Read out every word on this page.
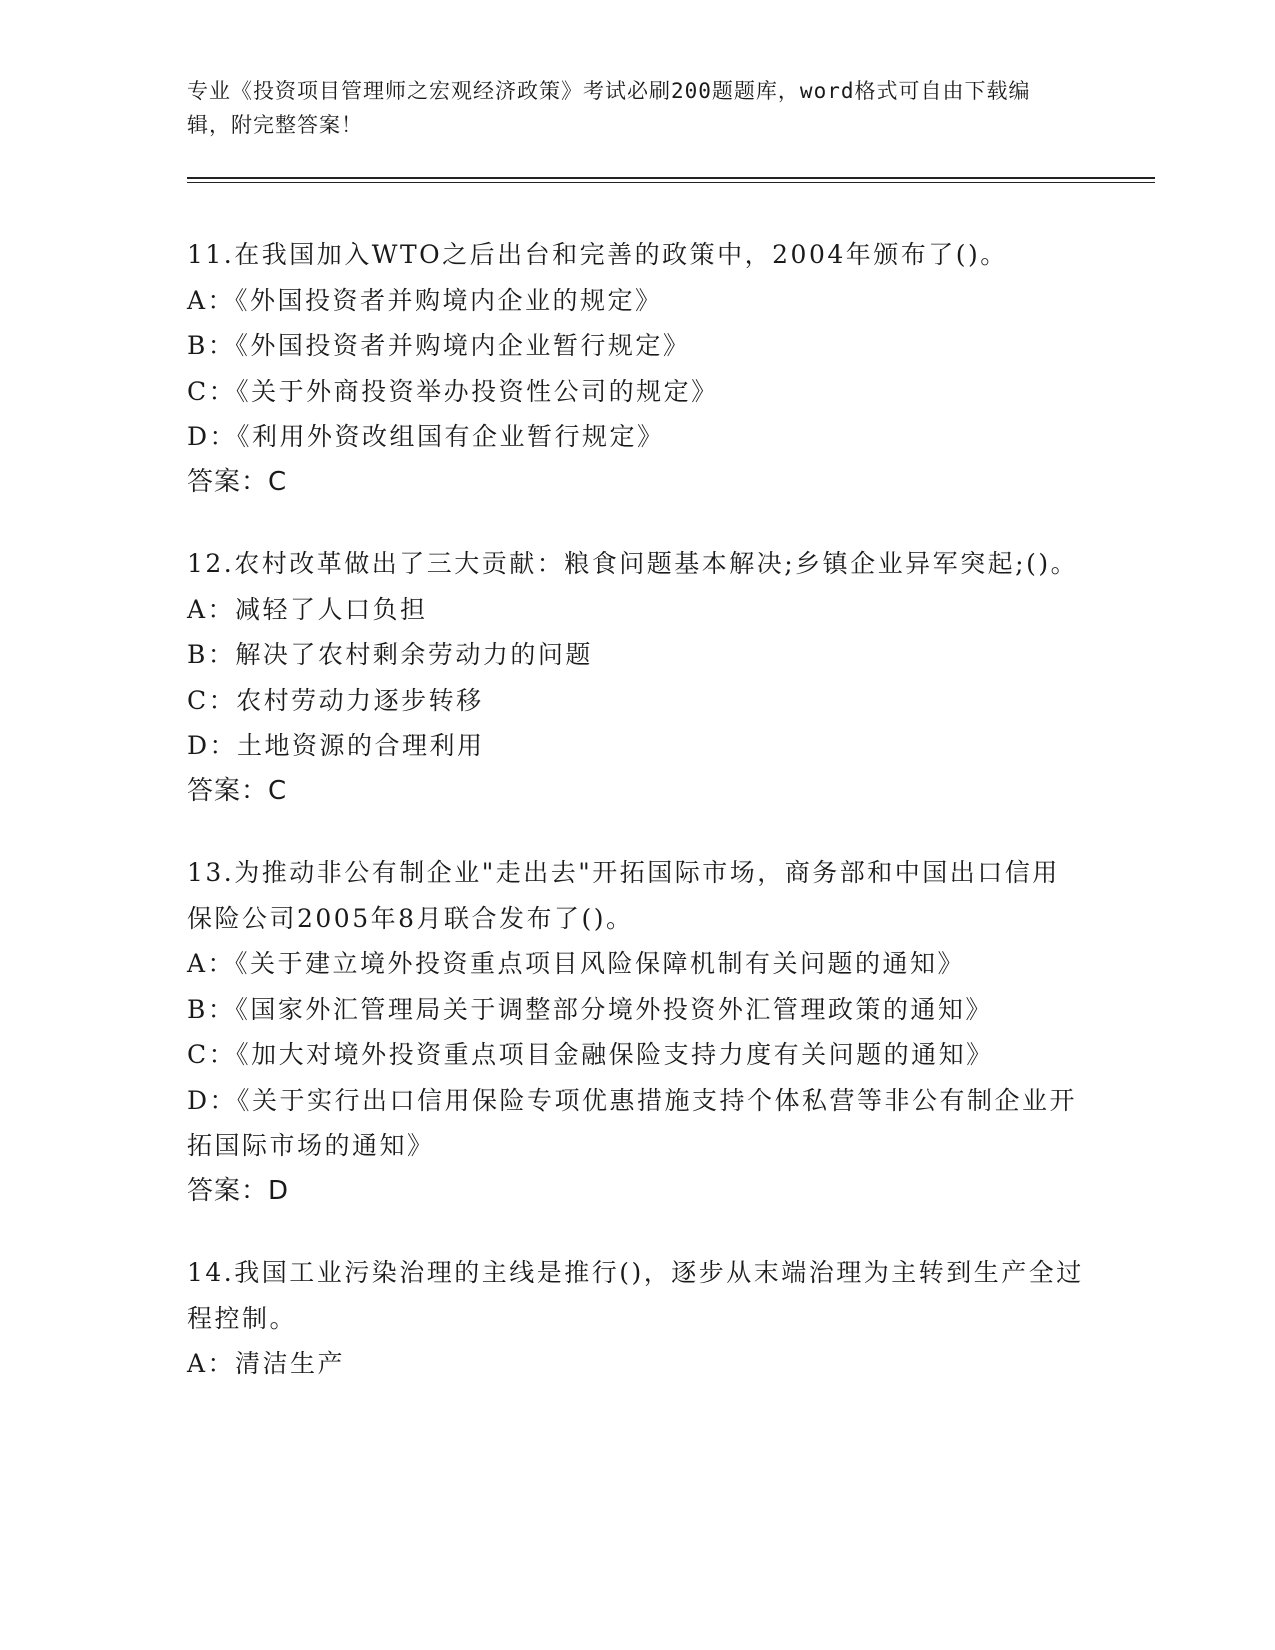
专业《投资项目管理师之宏观经济政策》考试必刷200题题库，word格式可自由下载编辑，附完整答案！
11.在我国加入WTO之后出台和完善的政策中，2004年颁布了()。
A：《外国投资者并购境内企业的规定》
B：《外国投资者并购境内企业暂行规定》
C：《关于外商投资举办投资性公司的规定》
D：《利用外资改组国有企业暂行规定》
答案：C
12.农村改革做出了三大贡献：粮食问题基本解决;乡镇企业异军突起;()。
A：减轻了人口负担
B：解决了农村剩余劳动力的问题
C：农村劳动力逐步转移
D：土地资源的合理利用
答案：C
13.为推动非公有制企业"走出去"开拓国际市场，商务部和中国出口信用保险公司2005年8月联合发布了()。
A：《关于建立境外投资重点项目风险保障机制有关问题的通知》
B：《国家外汇管理局关于调整部分境外投资外汇管理政策的通知》
C：《加大对境外投资重点项目金融保险支持力度有关问题的通知》
D：《关于实行出口信用保险专项优惠措施支持个体私营等非公有制企业开拓国际市场的通知》
答案：D
14.我国工业污染治理的主线是推行()，逐步从末端治理为主转到生产全过程控制。
A：清洁生产
